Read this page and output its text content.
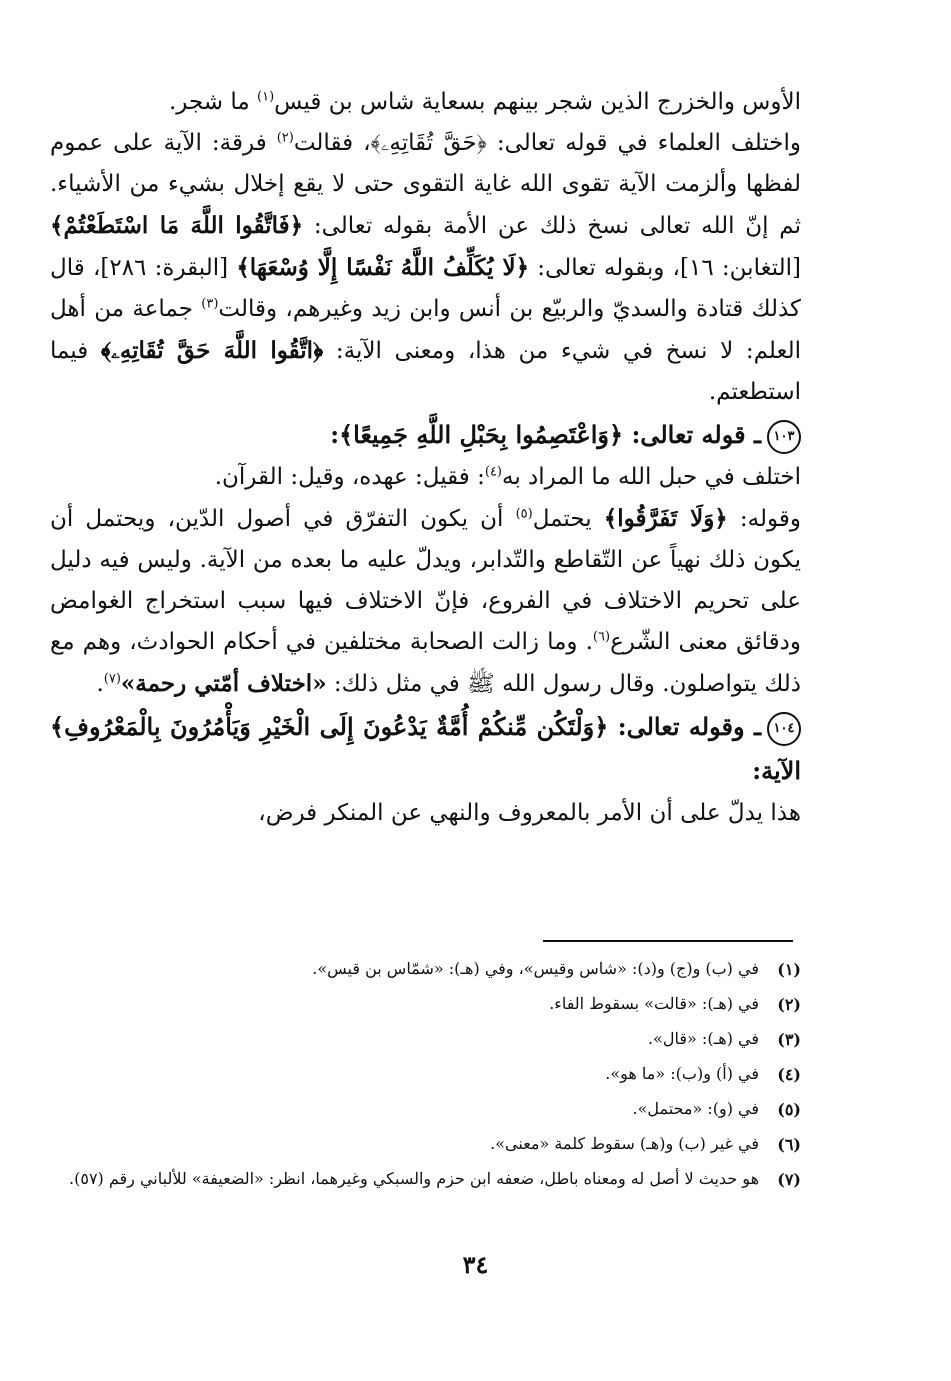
الأوس والخزرج الذين شجر بينهم بسعاية شاس بن قيس$^{(١)}$ ما شجر.

واختلف العلماء في قوله تعالى: ﴿حَقَّ تُقَاتِهِۦ﴾، فقالت$^{(٢)}$ فرقة: الآية على عموم لفظها وألزمت الآية تقوى الله غاية التقوى حتى لا يقع إخلال بشيء من الأشياء. ثم إنّ الله تعالى نسخ ذلك عن الأمة بقوله تعالى: ﴿فَاتَّقُوا اللَّهَ مَا اسْتَطَعْتُمْ﴾ [التغابن: ١٦]، وبقوله تعالى: ﴿لَا يُكَلِّفُ اللَّهُ نَفْسًا إِلَّا وُسْعَهَا﴾ [البقرة: ٢٨٦]، قال كذلك قتادة والسديّ والربيّع بن أنس وابن زيد وغيرهم، وقالت$^{(٣)}$ جماعة من أهل العلم: لا نسخ في شيء من هذا، ومعنى الآية: ﴿اتَّقُوا اللَّهَ حَقَّ تُقَاتِهِۦ﴾ فيما استطعتم.

١٠٣ـ قوله تعالى: ﴿وَاعْتَصِمُوا بِحَبْلِ اللَّهِ جَمِيعًا﴾:

اختلف في حبل الله ما المراد به$^{(٤)}$: فقيل: عهده، وقيل: القرآن.

وقوله: ﴿وَلَا تَفَرَّقُوا﴾ يحتمل$^{(٥)}$ أن يكون التفرّق في أصول الدّين، ويحتمل أن يكون ذلك نهياً عن التّقاطع والتّدابر، ويدلّ عليه ما بعده من الآية. وليس فيه دليل على تحريم الاختلاف في الفروع، فإنّ الاختلاف فيها سبب استخراج الغوامض ودقائق معنى الشّرع$^{(٦)}$. وما زالت الصحابة مختلفين في أحكام الحوادث، وهم مع ذلك يتواصلون. وقال رسول الله ﷺ في مثل ذلك: «اختلاف أمّتي رحمة»$^{(٧)}$.

١٠٤ـ وقوله تعالى: ﴿وَلْتَكُن مِّنكُمْ أُمَّةٌ يَدْعُونَ إِلَى الْخَيْرِ وَيَأْمُرُونَ بِالْمَعْرُوفِ﴾ الآية:

هذا يدلّ على أن الأمر بالمعروف والنهي عن المنكر فرض،

(١)
في (ب) و(ج) و(د): «شاس وقيس»، وفي (هـ): «شمّاس بن قيس».
(٢)
في (هـ): «قالت» بسقوط الفاء.
(٣)
في (هـ): «قال».
(٤)
في (أ) و(ب): «ما هو».
(٥)
في (و): «محتمل».
(٦)
في غير (ب) و(هـ) سقوط كلمة «معنى».
(٧)
هو حديث لا أصل له ومعناه باطل، ضعفه ابن حزم والسبكي وغيرهما، انظر: «الضعيفة» للألباني رقم (٥٧).
٣٤
